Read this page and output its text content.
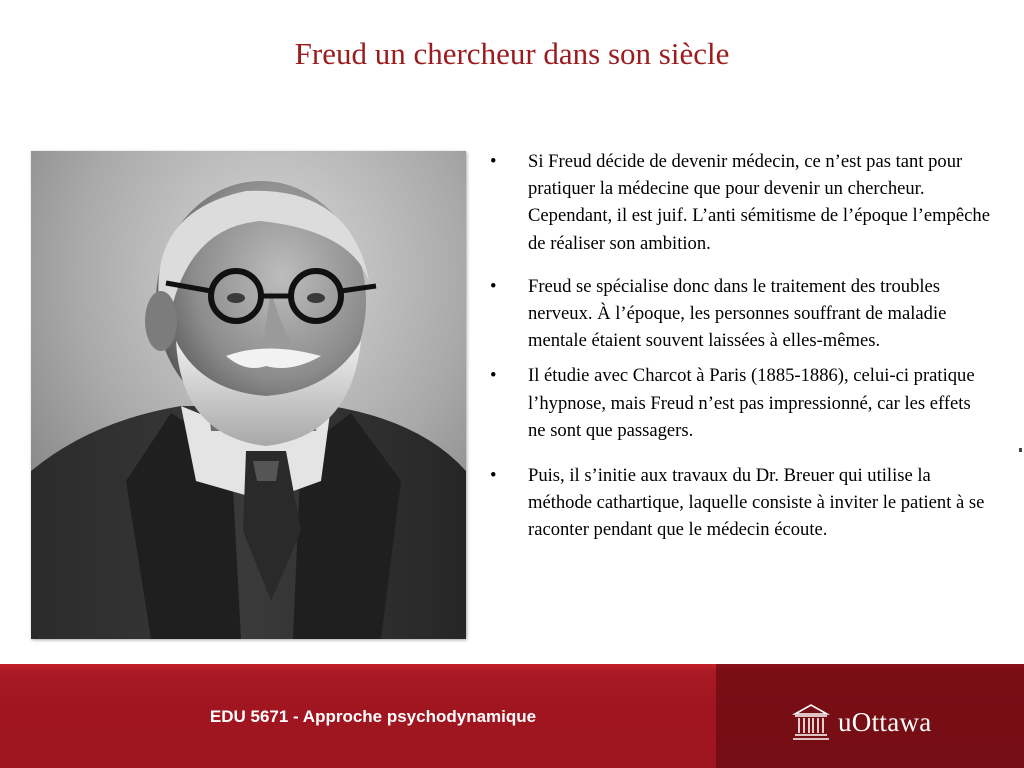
Freud un chercheur dans son siècle
• Si Freud décide de devenir médecin, ce n’est pas tant pour pratiquer la médecine que pour devenir un chercheur. Cependant, il est juif. L’anti sémitisme de l’époque l’empêche de réaliser son ambition.
• Freud se spécialise donc dans le traitement des troubles nerveux. À l’époque, les personnes souffrant de maladie mentale étaient souvent laissées à elles-mêmes.
• Il étudie avec Charcot à Paris (1885-1886), celui-ci pratique l’hypnose, mais Freud n’est pas impressionné, car les effets ne sont que passagers.
• Puis, il s’initie aux travaux du Dr. Breuer qui utilise la méthode cathartique, laquelle consiste à inviter le patient à se raconter pendant que le médecin écoute.
EDU 5671 - Approche psychodynamique	uOttawa
